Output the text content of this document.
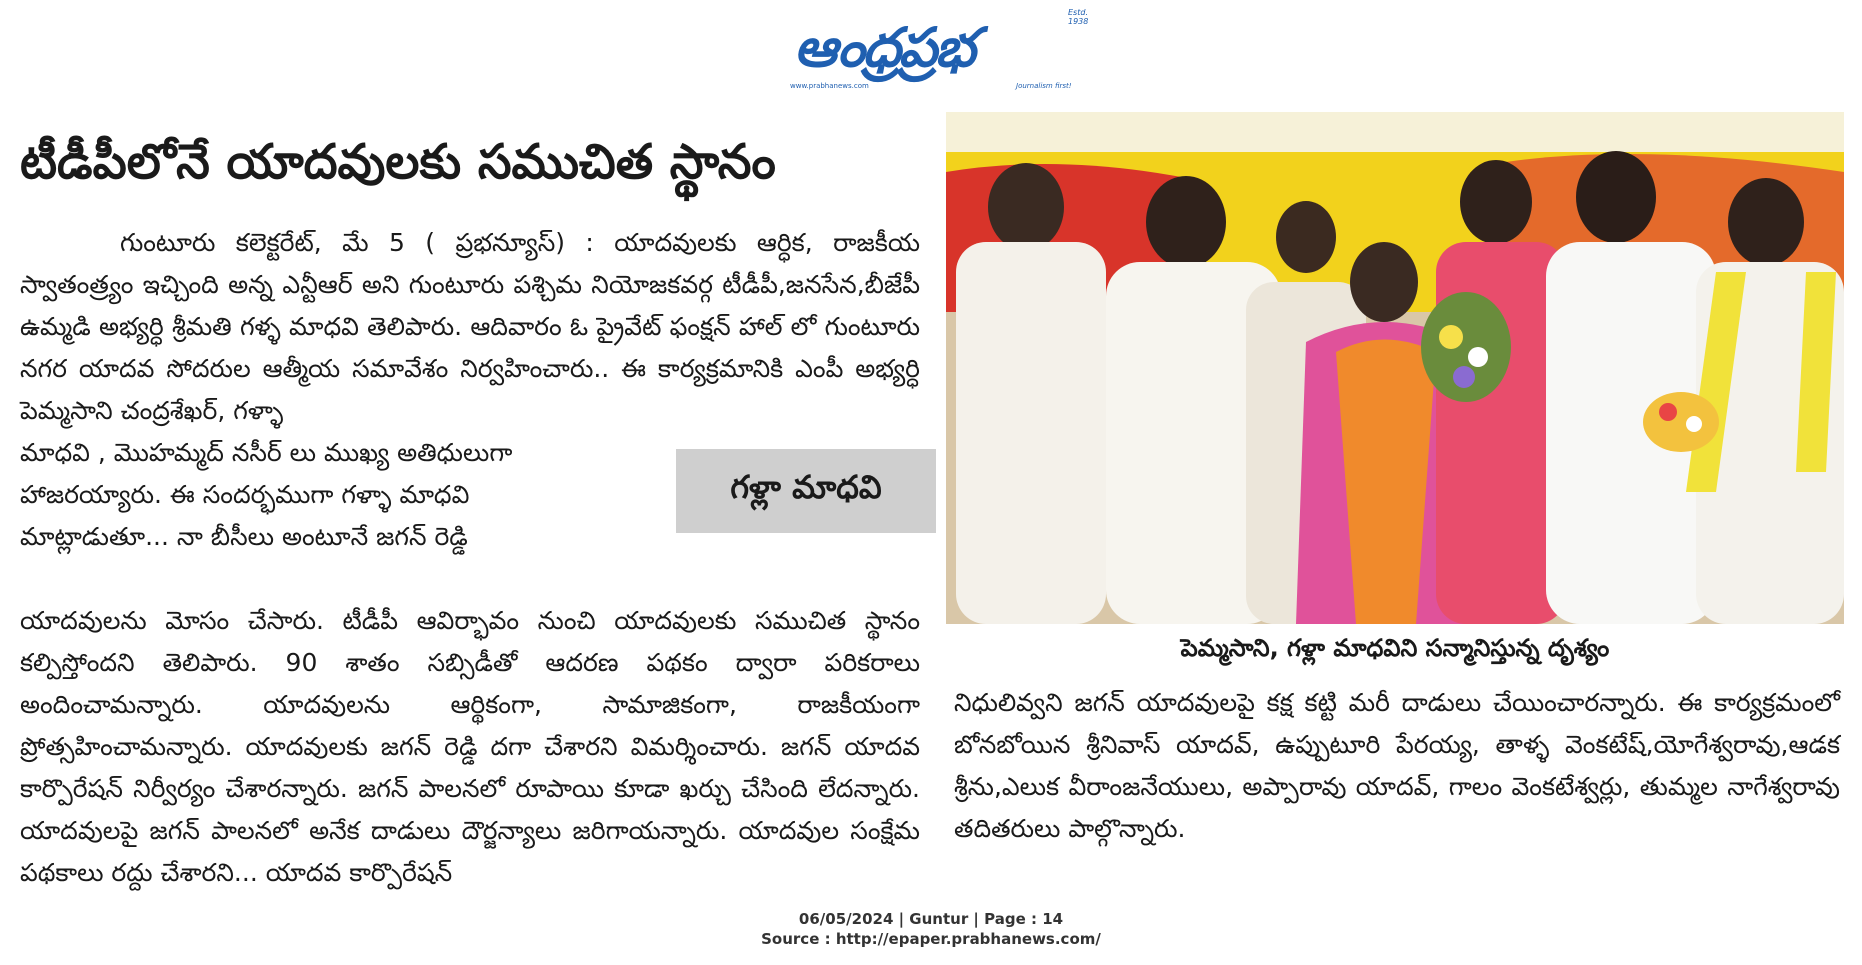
Estd. 1938
ఆంధ్రప్రభ
www.prabhanews.com	Journalism first!
టీడీపీలోనే యాదవులకు సముచిత స్థానం

గుంటూరు కలెక్టరేట్, మే 5 ( ప్రభన్యూస్) : యాదవులకు ఆర్ధిక, రాజకీయ స్వాతంత్ర్యం ఇచ్చింది అన్న ఎన్టీఆర్ అని గుంటూరు పశ్చిమ నియోజకవర్గ టీడీపీ,జనసేన,బీజేపీ ఉమ్మడి అభ్యర్ధి శ్రీమతి గళ్ళ మాధవి తెలిపారు. ఆదివారం ఓ ప్రైవేట్ ఫంక్షన్ హాల్ లో గుంటూరు నగర యాదవ సోదరుల ఆత్మీయ సమావేశం నిర్వహించారు.. ఈ కార్యక్రమానికి ఎంపీ అభ్యర్ధి పెమ్మసాని చంద్రశేఖర్, గళ్ళా

మాధవి , మొహమ్మద్ నసీర్ లు ముఖ్య అతిధులుగా
హాజరయ్యారు. ఈ సందర్భముగా గళ్ళా మాధవి
మాట్లాడుతూ... నా బీసీలు అంటూనే జగన్ రెడ్డి

యాదవులను మోసం చేసారు. టీడీపీ ఆవిర్భావం నుంచి యాదవులకు సముచిత స్థానం కల్పిస్తోందని తెలిపారు. 90 శాతం సబ్సిడీతో ఆదరణ పథకం ద్వారా పరికరాలు అందించామన్నారు. యాదవులను ఆర్థికంగా, సామాజికంగా, రాజకీయంగా ప్రోత్సహించామన్నారు. యాదవులకు జగన్ రెడ్డి దగా చేశారని విమర్శించారు. జగన్ యాదవ కార్పొరేషన్ నిర్వీర్యం చేశారన్నారు. జగన్ పాలనలో రూపాయి కూడా ఖర్చు చేసింది లేదన్నారు. యాదవులపై జగన్ పాలనలో అనేక దాడులు దౌర్జన్యాలు జరిగాయన్నారు. యాదవుల సంక్షేమ పథకాలు రద్దు చేశారని... యాదవ కార్పొరేషన్

గళ్లా మాధవి
పెమ్మసాని, గళ్లా మాధవిని సన్మానిస్తున్న దృశ్యం
నిధులివ్వని జగన్ యాదవులపై కక్ష కట్టి మరీ దాడులు చేయించారన్నారు. ఈ కార్యక్రమంలో బోనబోయిన శ్రీనివాస్ యాదవ్, ఉప్పుటూరి పేరయ్య, తాళ్ళ వెంకటేష్,యోగేశ్వరావు,ఆడక శ్రీను,ఎలుక వీరాంజనేయులు, అప్పారావు యాదవ్, గాలం వెంకటేశ్వర్లు, తుమ్మల నాగేశ్వరావు తదితరులు పాల్గొన్నారు.
06/05/2024 | Guntur | Page : 14
Source : http://epaper.prabhanews.com/
